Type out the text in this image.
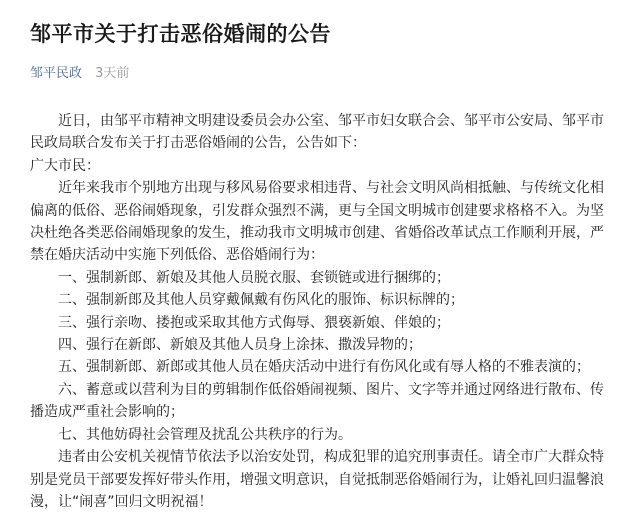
邹平市关于打击恶俗婚闹的公告
邹平民政 3天前

近日，由邹平市精神文明建设委员会办公室、邹平市妇女联合会、邹平市公安局、邹平市民政局联合发布关于打击恶俗婚闹的公告，公告如下：

广大市民：

近年来我市个别地方出现与移风易俗要求相违背、与社会文明风尚相抵触、与传统文化相偏离的低俗、恶俗闹婚现象，引发群众强烈不满，更与全国文明城市创建要求格格不入。为坚决杜绝各类恶俗闹婚现象的发生，推动我市文明城市创建、省婚俗改革试点工作顺利开展，严禁在婚庆活动中实施下列低俗、恶俗婚闹行为：

一、强制新郎、新娘及其他人员脱衣服、套锁链或进行捆绑的；

二、强制新郎及其他人员穿戴佩戴有伤风化的服饰、标识标牌的；

三、强行亲吻、搂抱或采取其他方式侮辱、猥亵新娘、伴娘的；

四、强行在新郎、新娘及其他人员身上涂抹、撒泼异物的；

五、强制新郎、新郎或其他人员在婚庆活动中进行有伤风化或有辱人格的不雅表演的；

六、蓄意或以营利为目的剪辑制作低俗婚闹视频、图片、文字等并通过网络进行散布、传播造成严重社会影响的；

七、其他妨碍社会管理及扰乱公共秩序的行为。

违者由公安机关视情节依法予以治安处罚，构成犯罪的追究刑事责任。请全市广大群众特别是党员干部要发挥好带头作用，增强文明意识，自觉抵制恶俗婚闹行为，让婚礼回归温馨浪漫，让“闹喜”回归文明祝福！
